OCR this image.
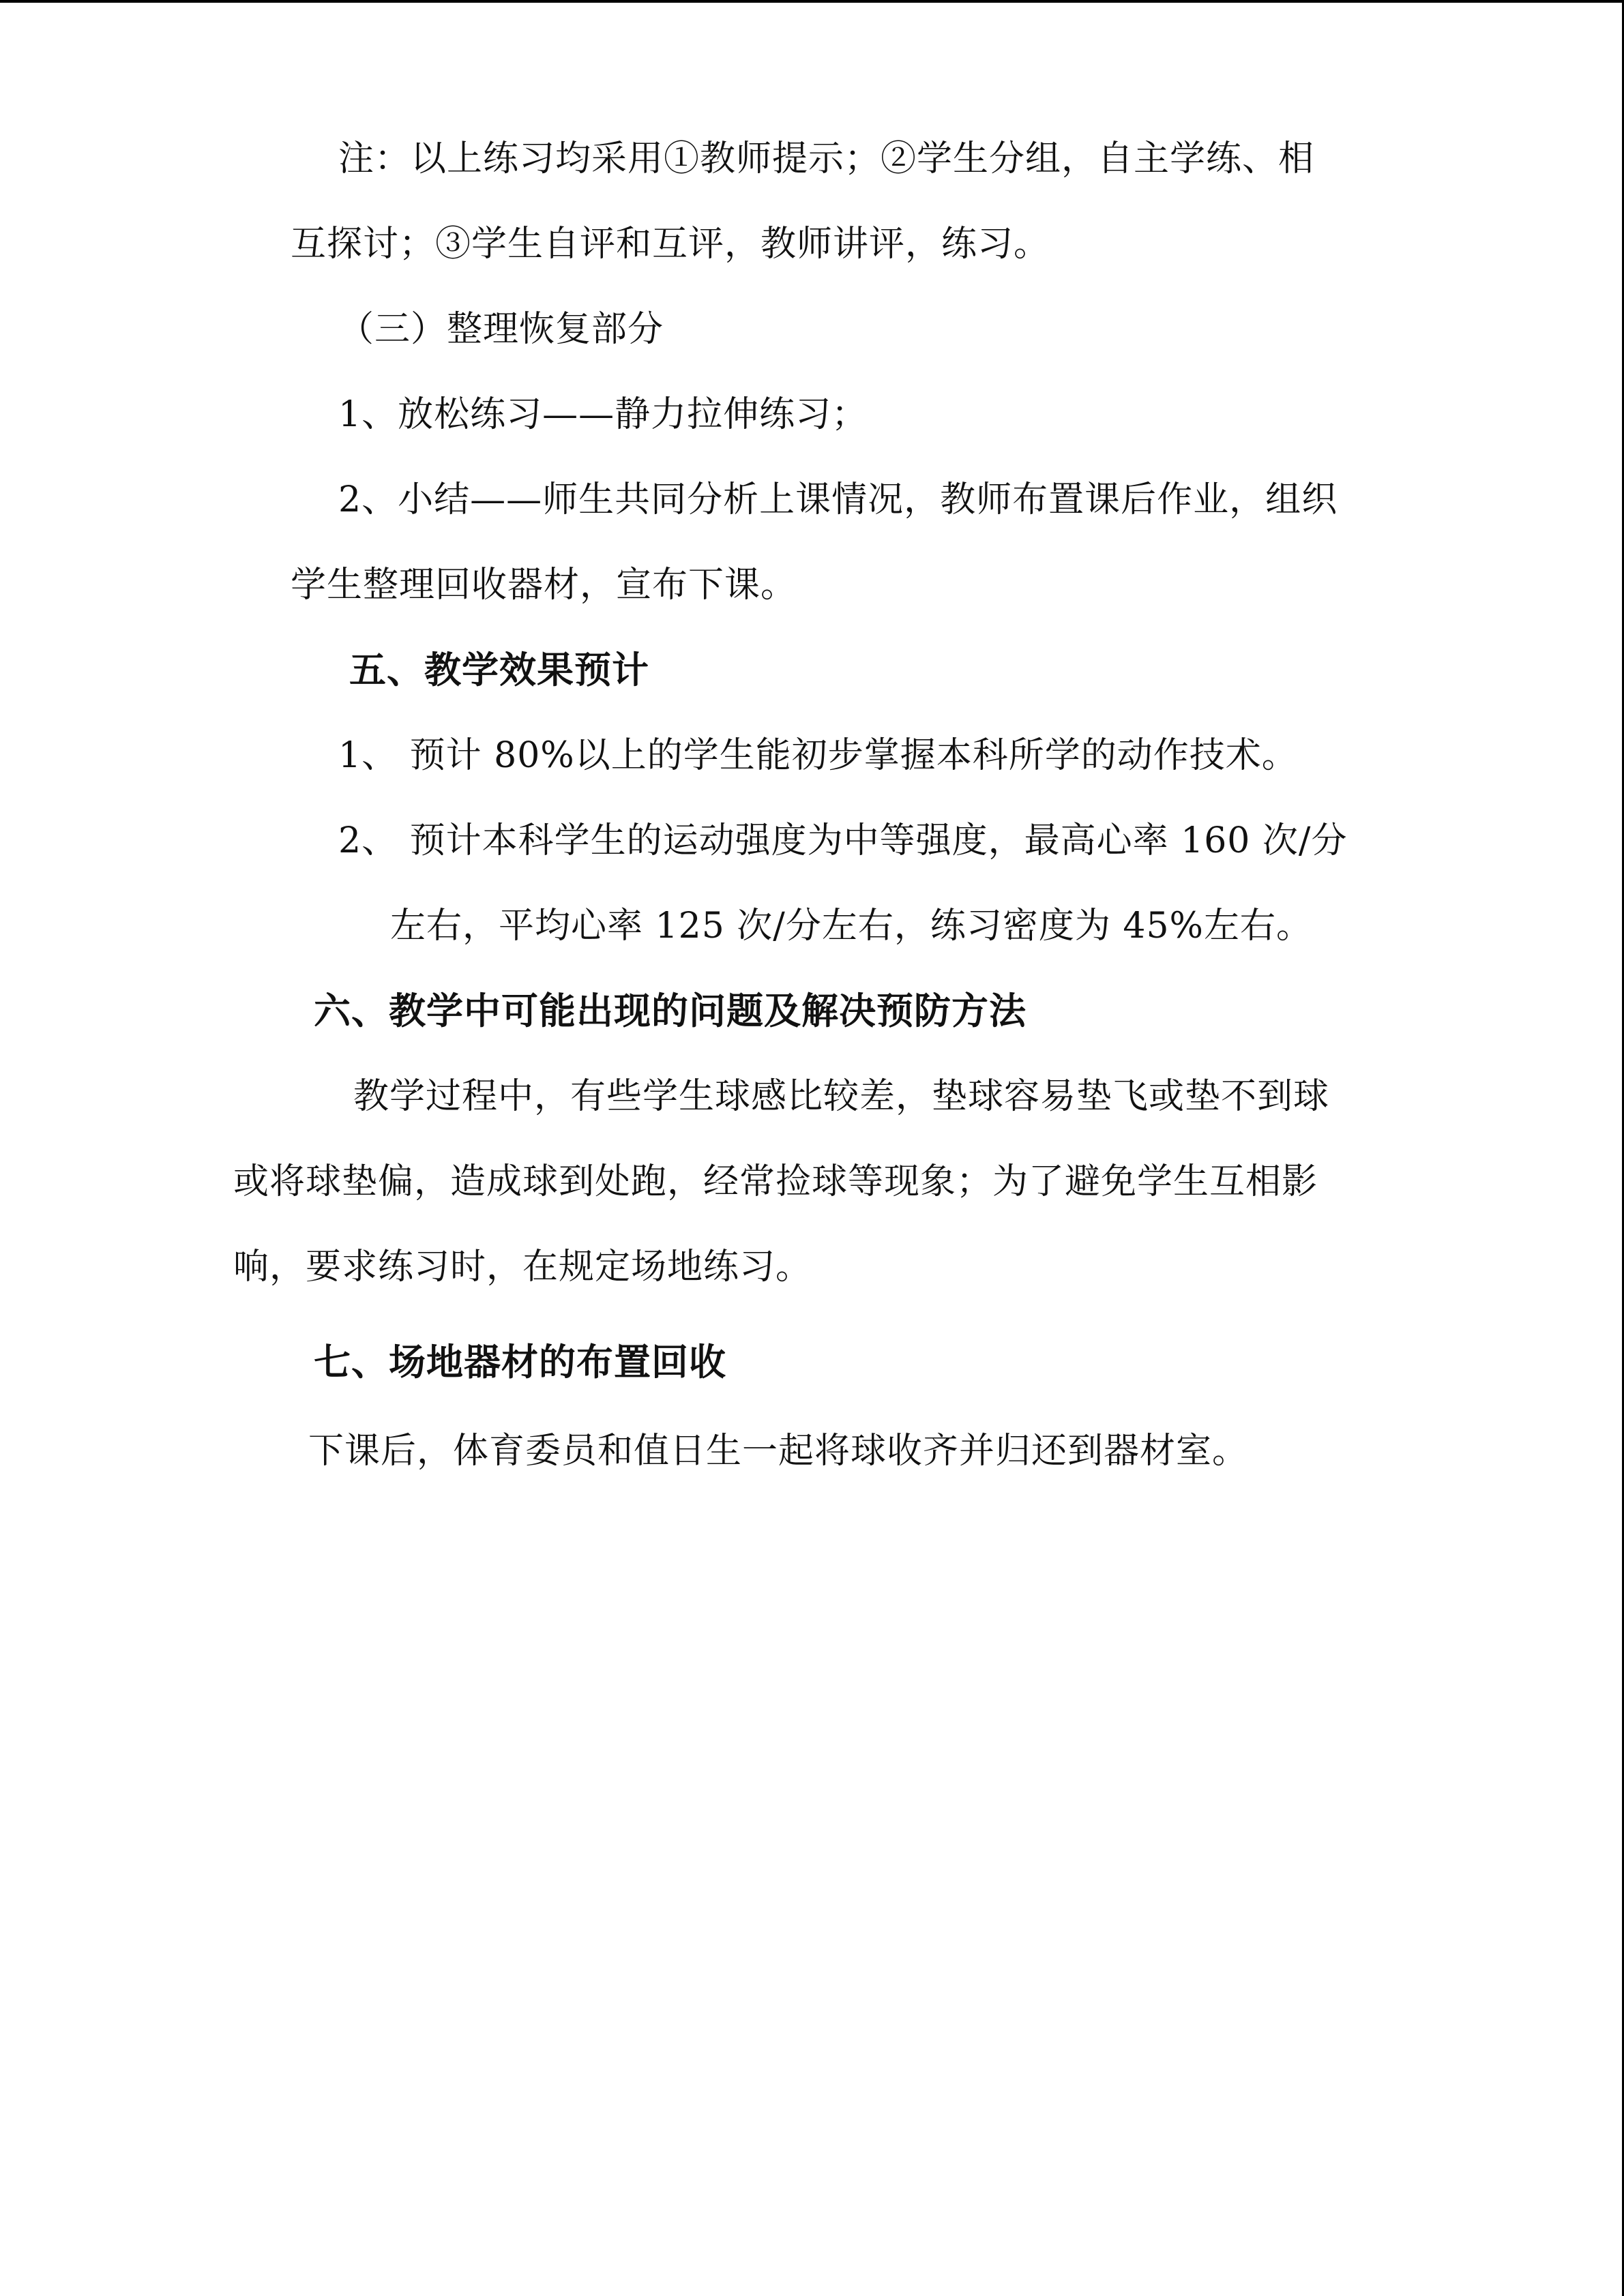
注：以上练习均采用①教师提示；②学生分组，自主学练、相
互探讨；③学生自评和互评，教师讲评，练习。
（三）整理恢复部分
1、放松练习——静力拉伸练习；
2、小结——师生共同分析上课情况，教师布置课后作业，组织
学生整理回收器材，宣布下课。
五、教学效果预计
1、 预计 80%以上的学生能初步掌握本科所学的动作技术。
2、 预计本科学生的运动强度为中等强度，最高心率 160 次/分
左右，平均心率 125 次/分左右，练习密度为 45%左右。
六、教学中可能出现的问题及解决预防方法
教学过程中，有些学生球感比较差，垫球容易垫飞或垫不到球
或将球垫偏，造成球到处跑，经常捡球等现象；为了避免学生互相影
响，要求练习时，在规定场地练习。
七、场地器材的布置回收
下课后，体育委员和值日生一起将球收齐并归还到器材室。
